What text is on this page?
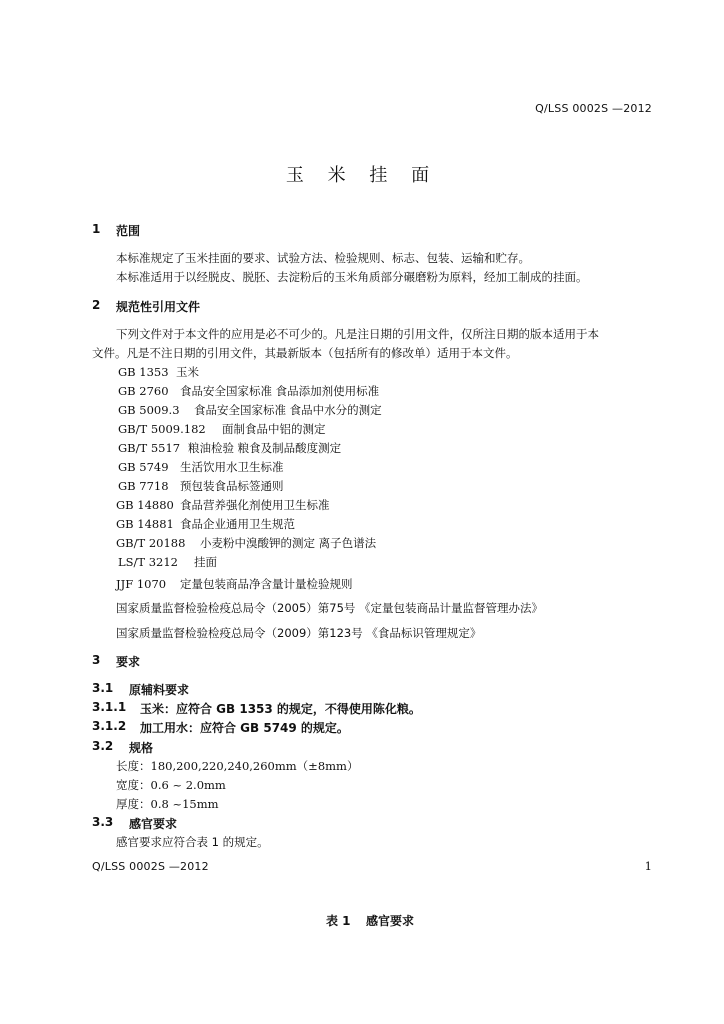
Q/LSS 0002S —2012
玉 米 挂 面
1 范围
本标准规定了玉米挂面的要求、试验方法、检验规则、标志、包装、运输和贮存。
本标准适用于以经脱皮、脱胚、去淀粉后的玉米角质部分碾磨粉为原料，经加工制成的挂面。
2 规范性引用文件
下列文件对于本文件的应用是必不可少的。凡是注日期的引用文件，仅所注日期的版本适用于本
文件。凡是不注日期的引用文件，其最新版本（包括所有的修改单）适用于本文件。
GB 1353 玉米
GB 2760 食品安全国家标准 食品添加剂使用标准
GB 5009.3 食品安全国家标准 食品中水分的测定
GB/T 5009.182 面制食品中铝的测定
GB/T 5517 粮油检验 粮食及制品酸度测定
GB 5749 生活饮用水卫生标准
GB 7718 预包装食品标签通则
GB 14880 食品营养强化剂使用卫生标准
GB 14881 食品企业通用卫生规范
GB/T 20188 小麦粉中溴酸钾的测定 离子色谱法
LS/T 3212 挂面
JJF 1070 定量包装商品净含量计量检验规则
国家质量监督检验检疫总局令（2005）第75号 《定量包装商品计量监督管理办法》
国家质量监督检验检疫总局令（2009）第123号 《食品标识管理规定》
3 要求
3.1 原辅料要求
3.1.1 玉米：应符合 GB 1353 的规定，不得使用陈化粮。
3.1.2 加工用水：应符合 GB 5749 的规定。
3.2 规格
长度：180,200,220,240,260mm（±8mm）
宽度：0.6 ~ 2.0mm
厚度：0.8 ~15mm
3.3 感官要求
感官要求应符合表 1 的规定。
Q/LSS 0002S —2012	1
表 1 感官要求
